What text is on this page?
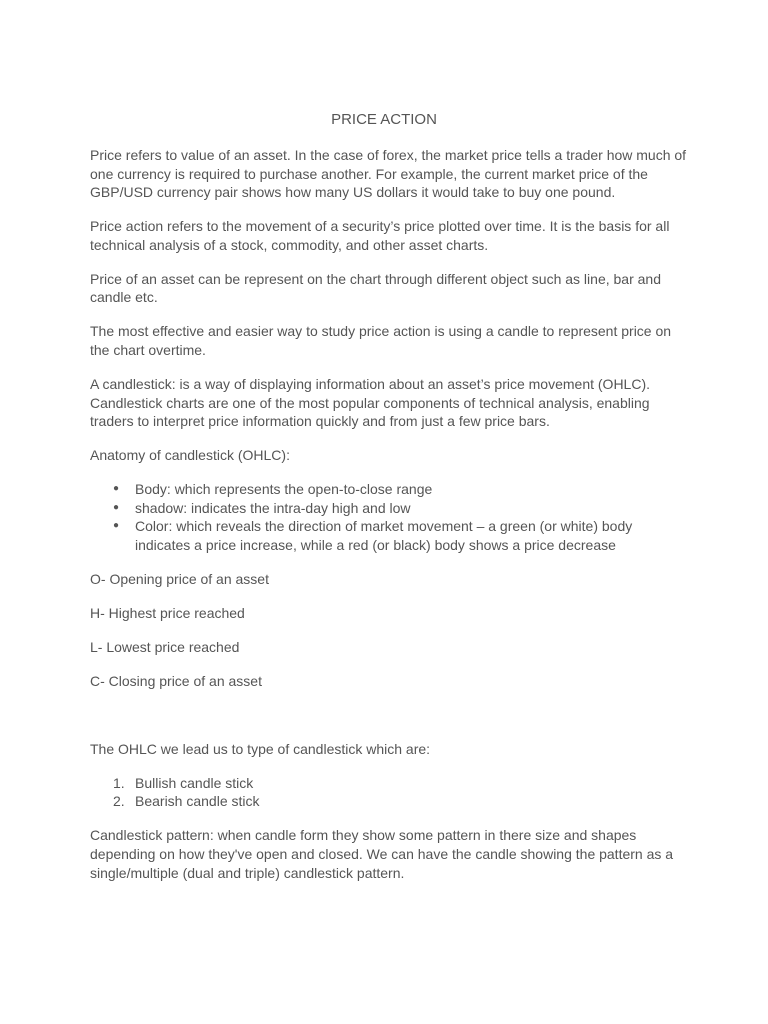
PRICE ACTION

Price refers to value of an asset. In the case of forex, the market price tells a trader how much of one currency is required to purchase another. For example, the current market price of the GBP/USD currency pair shows how many US dollars it would take to buy one pound.

Price action refers to the movement of a security’s price plotted over time. It is the basis for all technical analysis of a stock, commodity, and other asset charts.

Price of an asset can be represent on the chart through different object such as line, bar and candle etc.

The most effective and easier way to study price action is using a candle to represent price on the chart overtime.

A candlestick: is a way of displaying information about an asset’s price movement (OHLC). Candlestick charts are one of the most popular components of technical analysis, enabling traders to interpret price information quickly and from just a few price bars.

Anatomy of candlestick (OHLC):

● Body: which represents the open-to-close range
● shadow: indicates the intra-day high and low
● Color: which reveals the direction of market movement – a green (or white) body indicates a price increase, while a red (or black) body shows a price decrease

O- Opening price of an asset

H- Highest price reached

L- Lowest price reached

C- Closing price of an asset

The OHLC we lead us to type of candlestick which are:

1. Bullish candle stick
2. Bearish candle stick

Candlestick pattern: when candle form they show some pattern in there size and shapes depending on how they've open and closed. We can have the candle showing the pattern as a single/multiple (dual and triple) candlestick pattern.
